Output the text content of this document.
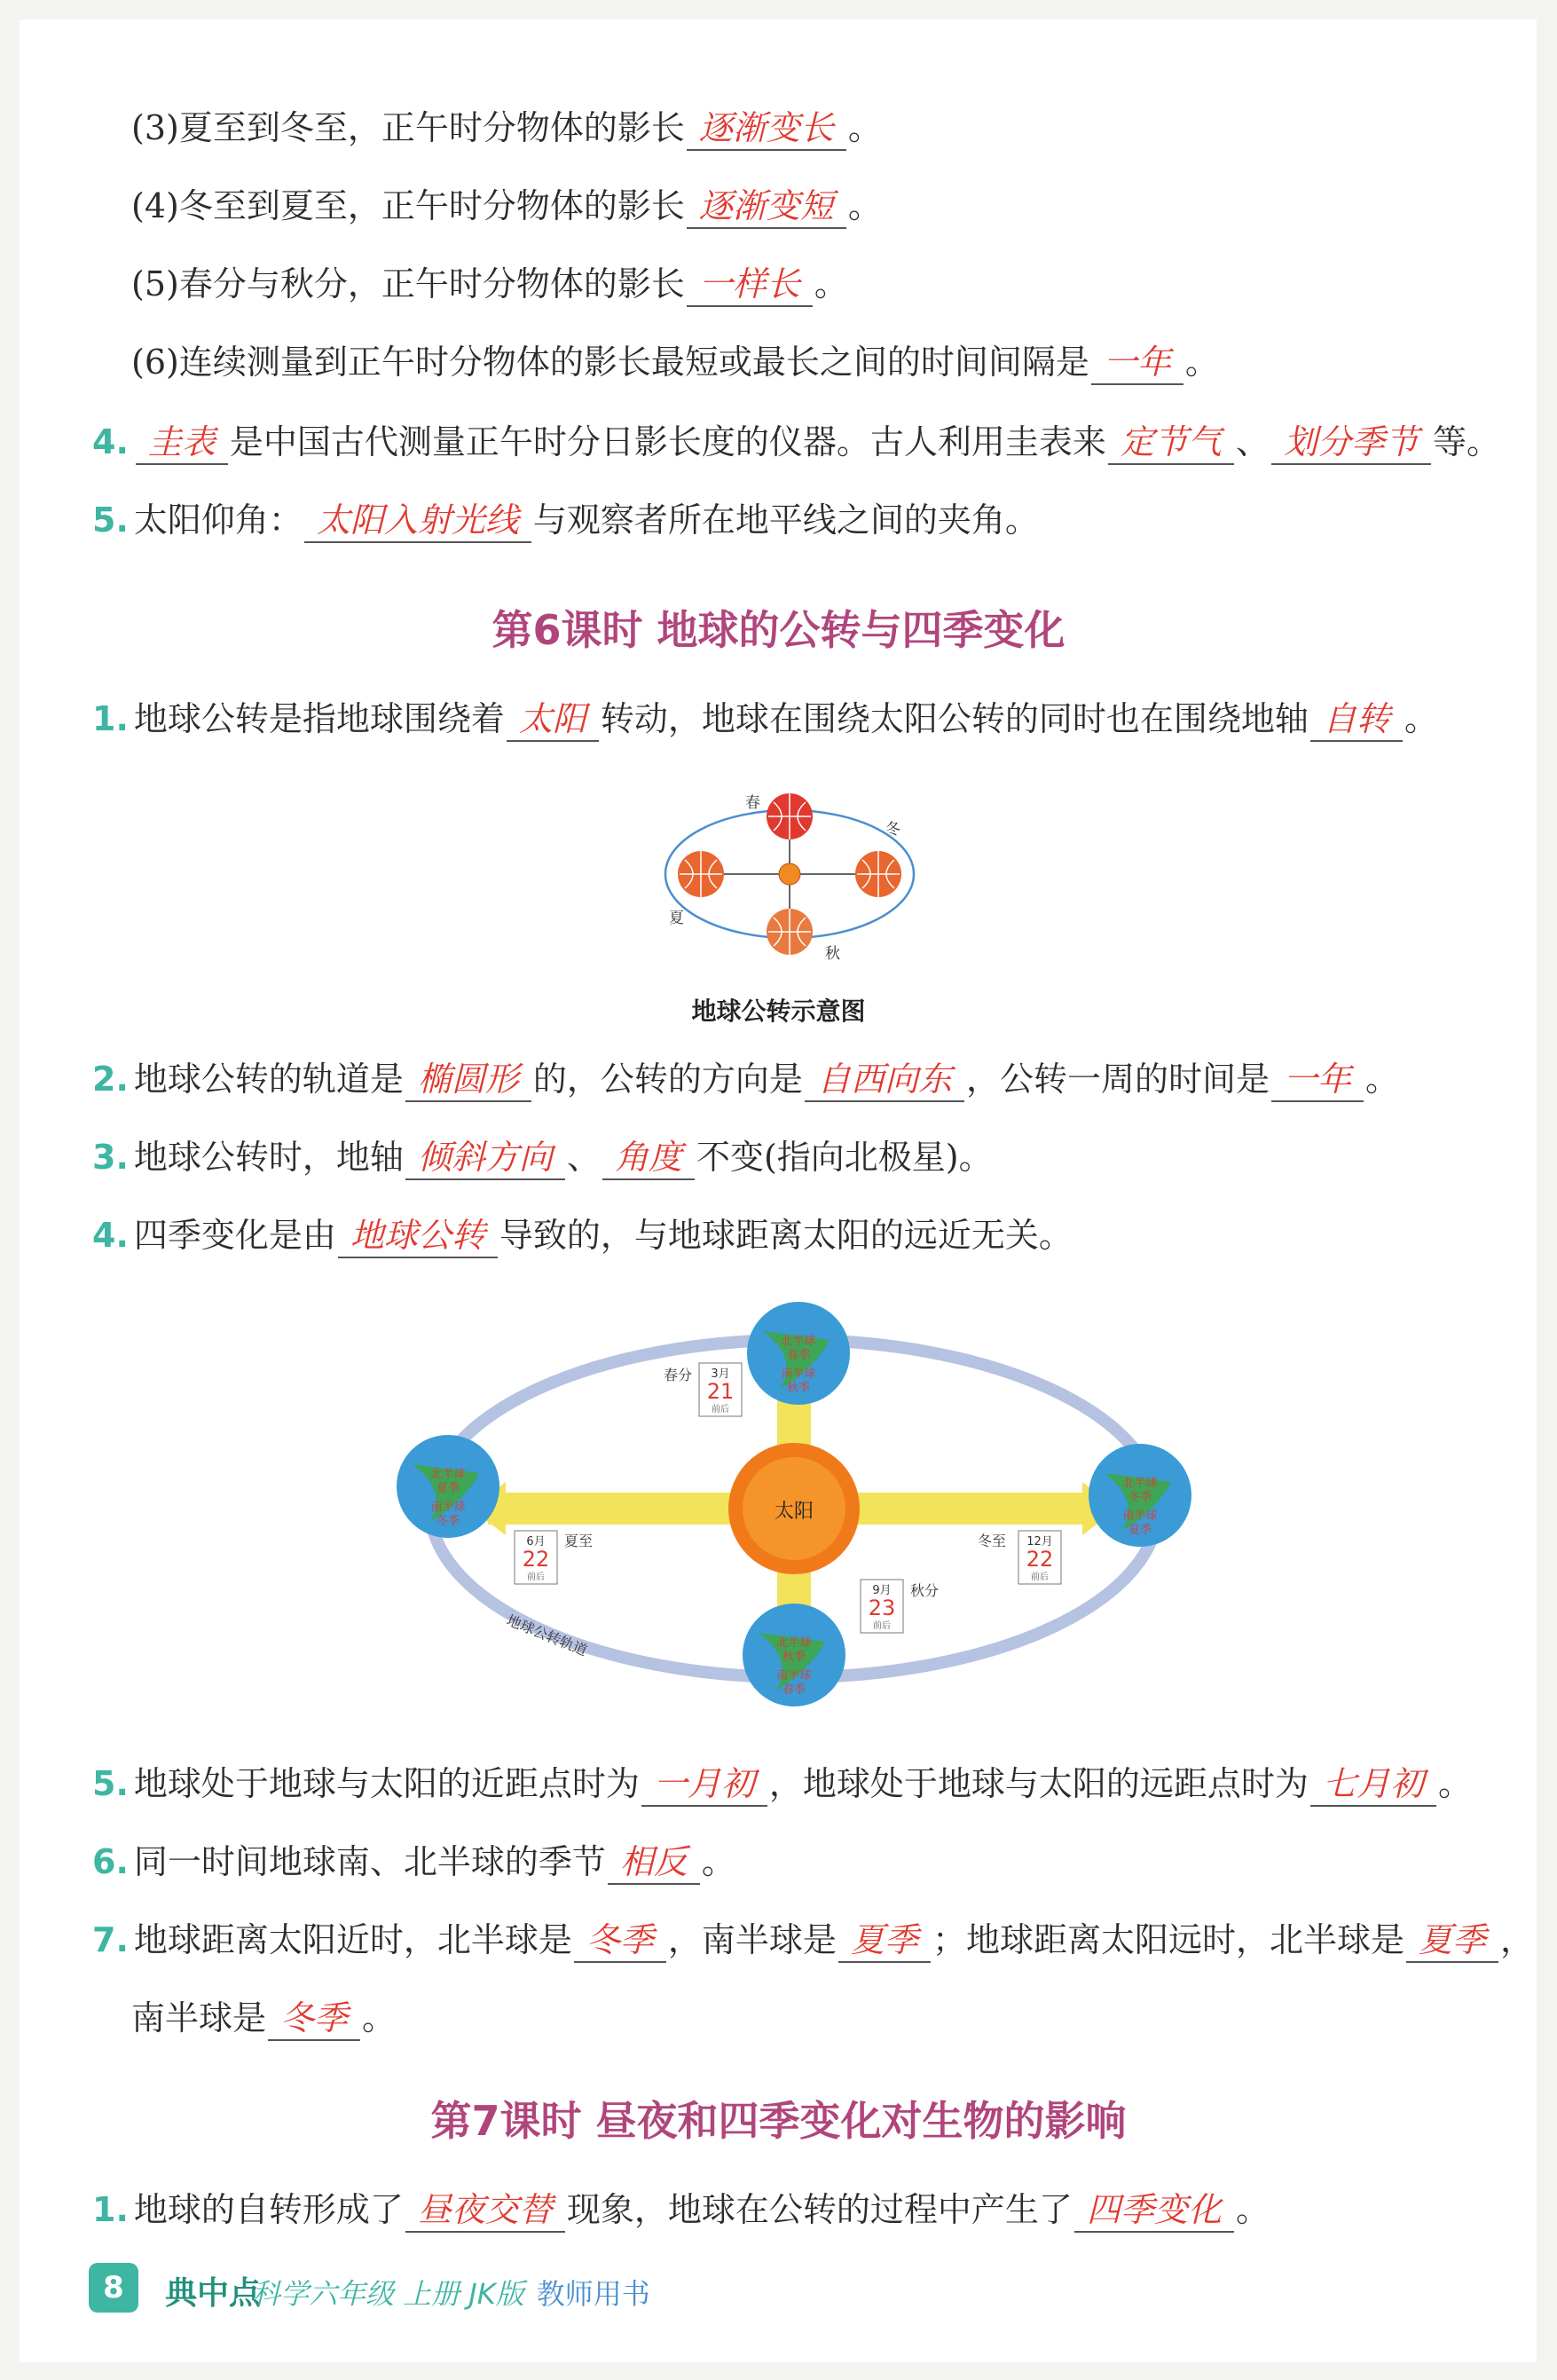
(3)夏至到冬至，正午时分物体的影长 逐渐变长 。
(4)冬至到夏至，正午时分物体的影长 逐渐变短 。
(5)春分与秋分，正午时分物体的影长 一样长 。
(6)连续测量到正午时分物体的影长最短或最长之间的时间间隔是 一年 。
4. 圭表 是中国古代测量正午时分日影长度的仪器。古人利用圭表来 定节气 、 划分季节 等。
5. 太阳仰角： 太阳入射光线 与观察者所在地平线之间的夹角。
第6课时 地球的公转与四季变化
1. 地球公转是指地球围绕着 太阳 转动，地球在围绕太阳公转的同时也在围绕地轴 自转 。
春
冬
夏
秋
地球公转示意图
2. 地球公转的轨道是 椭圆形 的，公转的方向是 自西向东 ，公转一周的时间是 一年 。
3. 地球公转时，地轴 倾斜方向 、 角度 不变(指向北极星)。
4. 四季变化是由 地球公转 导致的，与地球距离太阳的远近无关。
太阳
地球公转轨道
北半球
春季
南半球
秋季
北半球
夏季
南半球
冬季
北半球
冬季
南半球
夏季
北半球
秋季
南半球
春季
春分 3月
21
前后
6月
22
前后
夏至	冬至 12月
22
前后
9月
23
前后
秋分
5. 地球处于地球与太阳的近距点时为 一月初 ，地球处于地球与太阳的远距点时为 七月初 。
6. 同一时间地球南、北半球的季节 相反 。
7. 地球距离太阳近时，北半球是 冬季 ，南半球是 夏季 ；地球距离太阳远时，北半球是 夏季 ，
南半球是 冬季 。
第7课时 昼夜和四季变化对生物的影响
1. 地球的自转形成了 昼夜交替 现象，地球在公转的过程中产生了 四季变化 。
8	典中点
科学六年级 上册 JK版 教师用书
